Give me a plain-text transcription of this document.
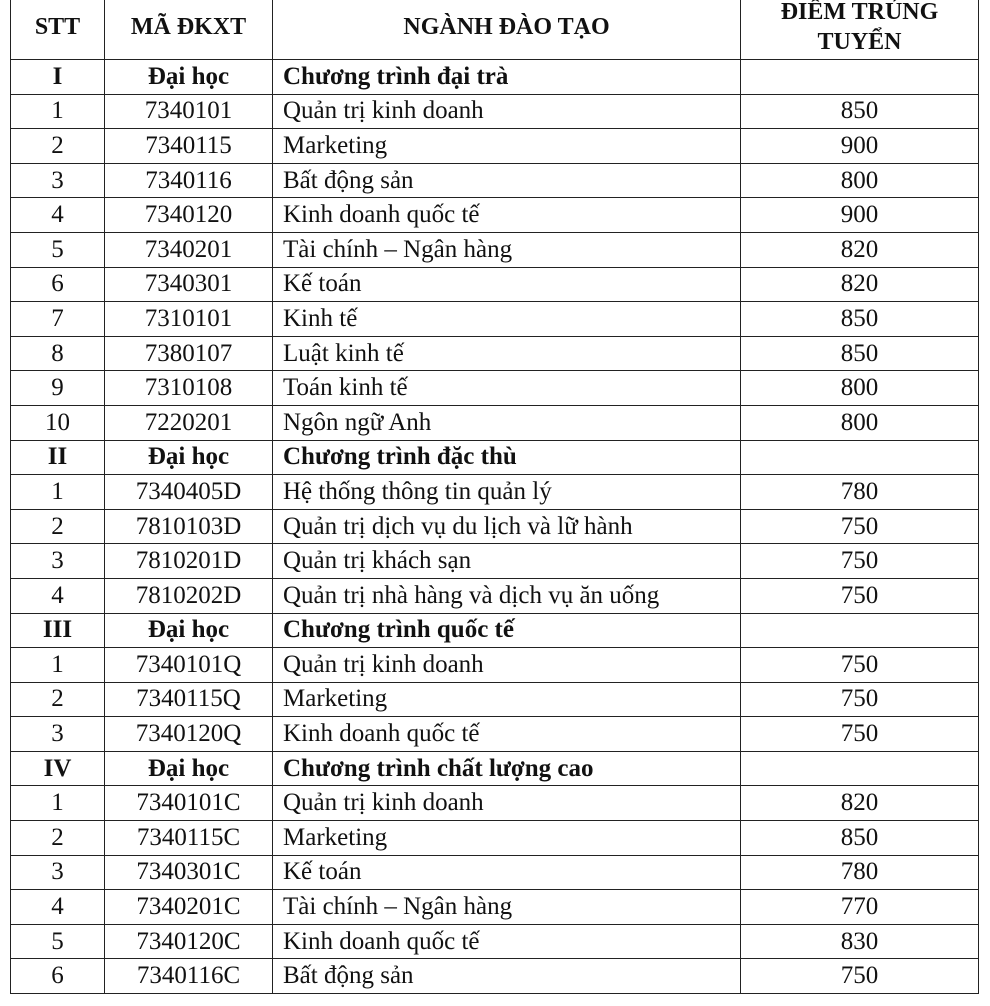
STT	MÃ ĐKXT	NGÀNH ĐÀO TẠO	ĐIỂM TRÚNG
TUYỂN

I	Đại học	Chương trình đại trà	
1	7340101	Quản trị kinh doanh	850
2	7340115	Marketing	900
3	7340116	Bất động sản	800
4	7340120	Kinh doanh quốc tế	900
5	7340201	Tài chính – Ngân hàng	820
6	7340301	Kế toán	820
7	7310101	Kinh tế	850
8	7380107	Luật kinh tế	850
9	7310108	Toán kinh tế	800
10	7220201	Ngôn ngữ Anh	800
II	Đại học	Chương trình đặc thù	
1	7340405D	Hệ thống thông tin quản lý	780
2	7810103D	Quản trị dịch vụ du lịch và lữ hành	750
3	7810201D	Quản trị khách sạn	750
4	7810202D	Quản trị nhà hàng và dịch vụ ăn uống	750
III	Đại học	Chương trình quốc tế	
1	7340101Q	Quản trị kinh doanh	750
2	7340115Q	Marketing	750
3	7340120Q	Kinh doanh quốc tế	750
IV	Đại học	Chương trình chất lượng cao	
1	7340101C	Quản trị kinh doanh	820
2	7340115C	Marketing	850
3	7340301C	Kế toán	780
4	7340201C	Tài chính – Ngân hàng	770
5	7340120C	Kinh doanh quốc tế	830
6	7340116C	Bất động sản	750
